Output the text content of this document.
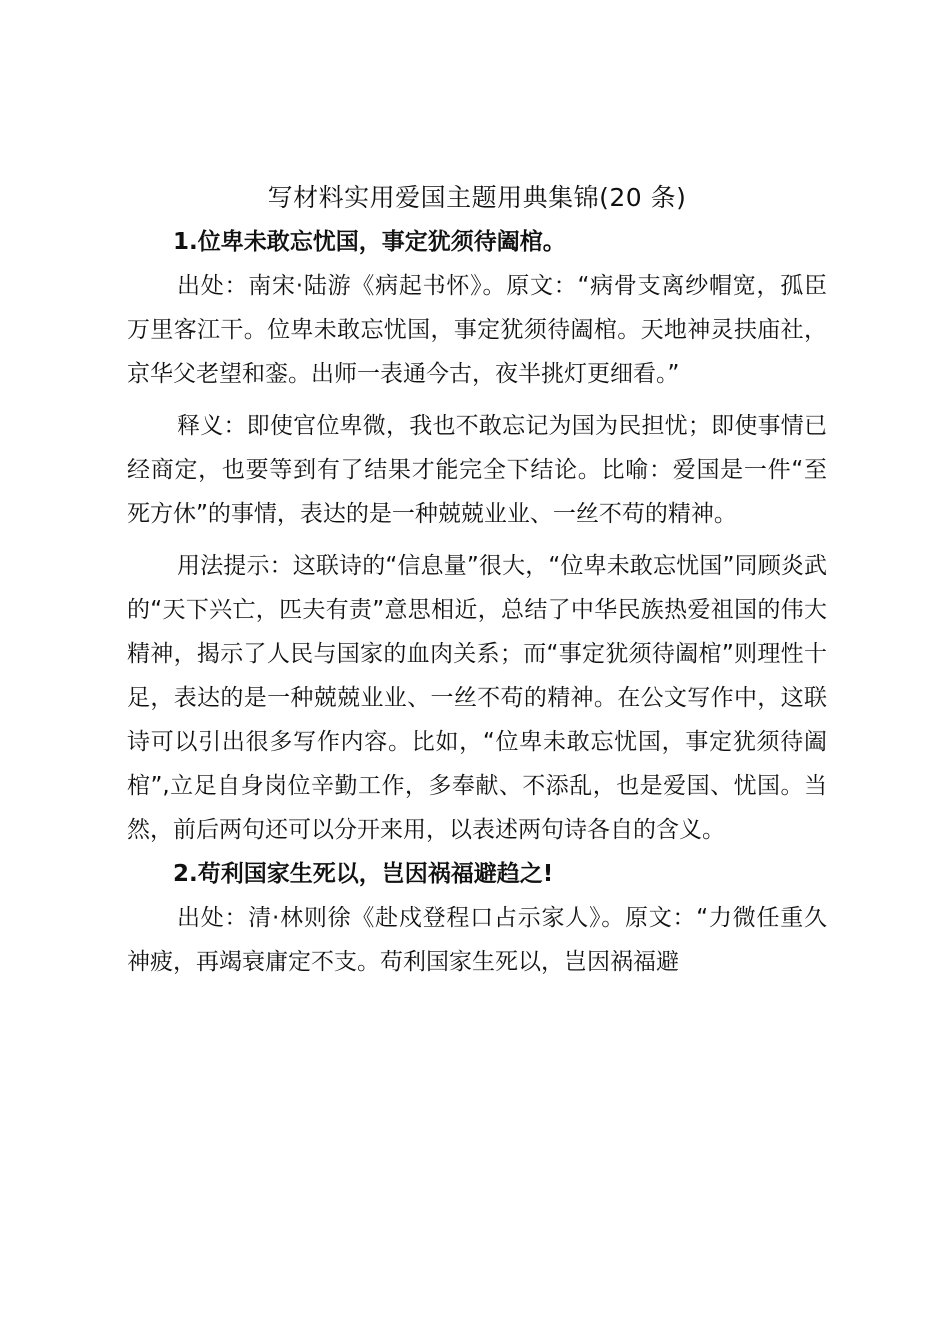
写材料实用爱国主题用典集锦(20 条)

1.位卑未敢忘忧国，事定犹须待阖棺。

出处：南宋·陆游《病起书怀》。原文：“病骨支离纱帽宽，孤臣万里客江干。位卑未敢忘忧国，事定犹须待阖棺。天地神灵扶庙社，京华父老望和銮。出师一表通今古，夜半挑灯更细看。”

释义：即使官位卑微，我也不敢忘记为国为民担忧；即使事情已经商定，也要等到有了结果才能完全下结论。比喻：爱国是一件“至死方休”的事情，表达的是一种兢兢业业、一丝不苟的精神。

用法提示：这联诗的“信息量”很大，“位卑未敢忘忧国”同顾炎武的“天下兴亡，匹夫有责”意思相近，总结了中华民族热爱祖国的伟大精神，揭示了人民与国家的血肉关系；而“事定犹须待阖棺”则理性十足，表达的是一种兢兢业业、一丝不苟的精神。在公文写作中，这联诗可以引出很多写作内容。比如，“位卑未敢忘忧国，事定犹须待阖棺”,立足自身岗位辛勤工作，多奉献、不添乱，也是爱国、忧国。当然，前后两句还可以分开来用，以表述两句诗各自的含义。

2.苟利国家生死以，岂因祸福避趋之!

出处：清·林则徐《赴戍登程口占示家人》。原文：“力微任重久神疲，再竭衰庸定不支。苟利国家生死以，岂因祸福避
